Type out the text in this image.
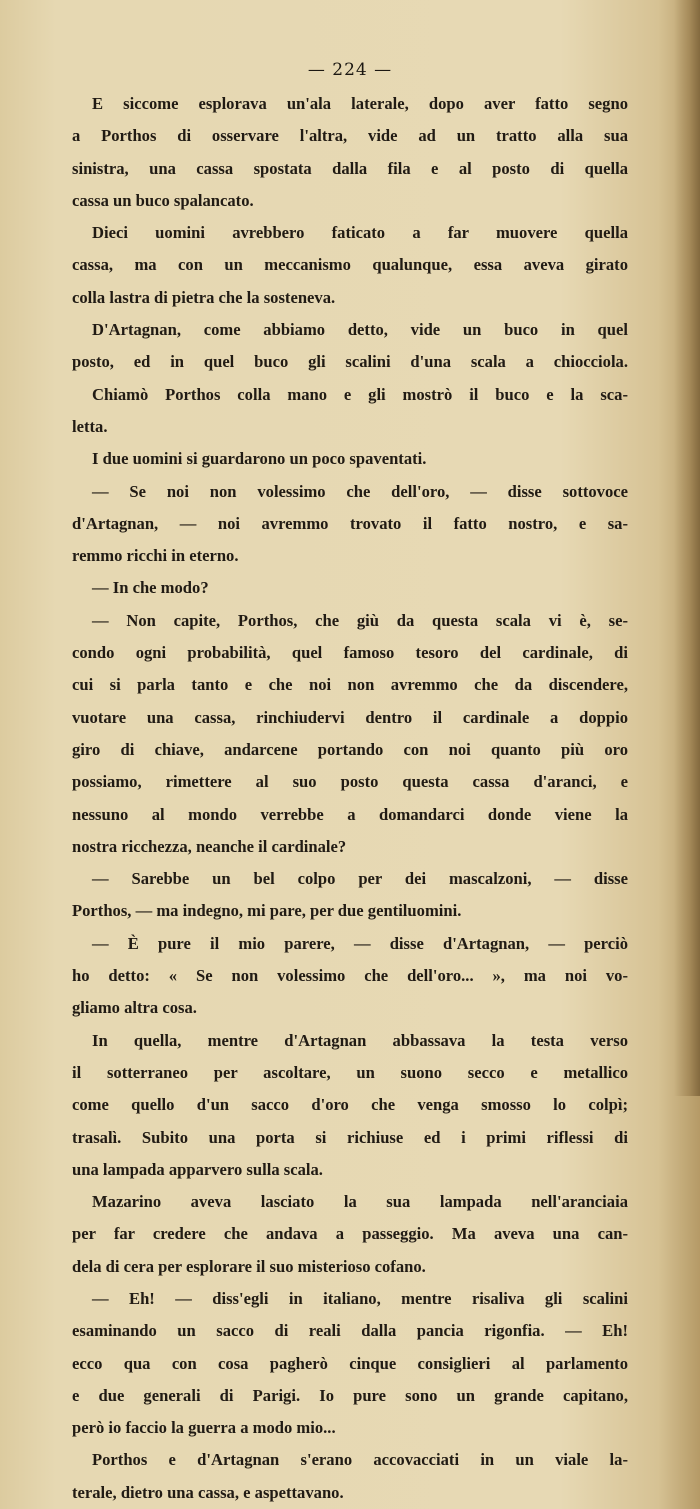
— 224 —
E siccome esplorava un'ala laterale, dopo aver fatto segno
a Porthos di osservare l'altra, vide ad un tratto alla sua
sinistra, una cassa spostata dalla fila e al posto di quella
cassa un buco spalancato.
Dieci uomini avrebbero faticato a far muovere quella
cassa, ma con un meccanismo qualunque, essa aveva girato
colla lastra di pietra che la sosteneva.
D'Artagnan, come abbiamo detto, vide un buco in quel
posto, ed in quel buco gli scalini d'una scala a chiocciola.
Chiamò Porthos colla mano e gli mostrò il buco e la sca-
letta.
I due uomini si guardarono un poco spaventati.
— Se noi non volessimo che dell'oro, — disse sottovoce
d'Artagnan, — noi avremmo trovato il fatto nostro, e sa-
remmo ricchi in eterno.
— In che modo?
— Non capite, Porthos, che giù da questa scala vi è, se-
condo ogni probabilità, quel famoso tesoro del cardinale, di
cui si parla tanto e che noi non avremmo che da discendere,
vuotare una cassa, rinchiudervi dentro il cardinale a doppio
giro di chiave, andarcene portando con noi quanto più oro
possiamo, rimettere al suo posto questa cassa d'aranci, e
nessuno al mondo verrebbe a domandarci donde viene la
nostra ricchezza, neanche il cardinale?
— Sarebbe un bel colpo per dei mascalzoni, — disse
Porthos, — ma indegno, mi pare, per due gentiluomini.
— È pure il mio parere, — disse d'Artagnan, — perciò
ho detto: « Se non volessimo che dell'oro... », ma noi vo-
gliamo altra cosa.
In quella, mentre d'Artagnan abbassava la testa verso
il sotterraneo per ascoltare, un suono secco e metallico
come quello d'un sacco d'oro che venga smosso lo colpì;
trasalì. Subito una porta si richiuse ed i primi riflessi di
una lampada apparvero sulla scala.
Mazarino aveva lasciato la sua lampada nell'aranciaia
per far credere che andava a passeggio. Ma aveva una can-
dela di cera per esplorare il suo misterioso cofano.
— Eh! — diss'egli in italiano, mentre risaliva gli scalini
esaminando un sacco di reali dalla pancia rigonfia. — Eh!
ecco qua con cosa pagherò cinque consiglieri al parlamento
e due generali di Parigi. Io pure sono un grande capitano,
però io faccio la guerra a modo mio...
Porthos e d'Artagnan s'erano accovacciati in un viale la-
terale, dietro una cassa, e aspettavano.
